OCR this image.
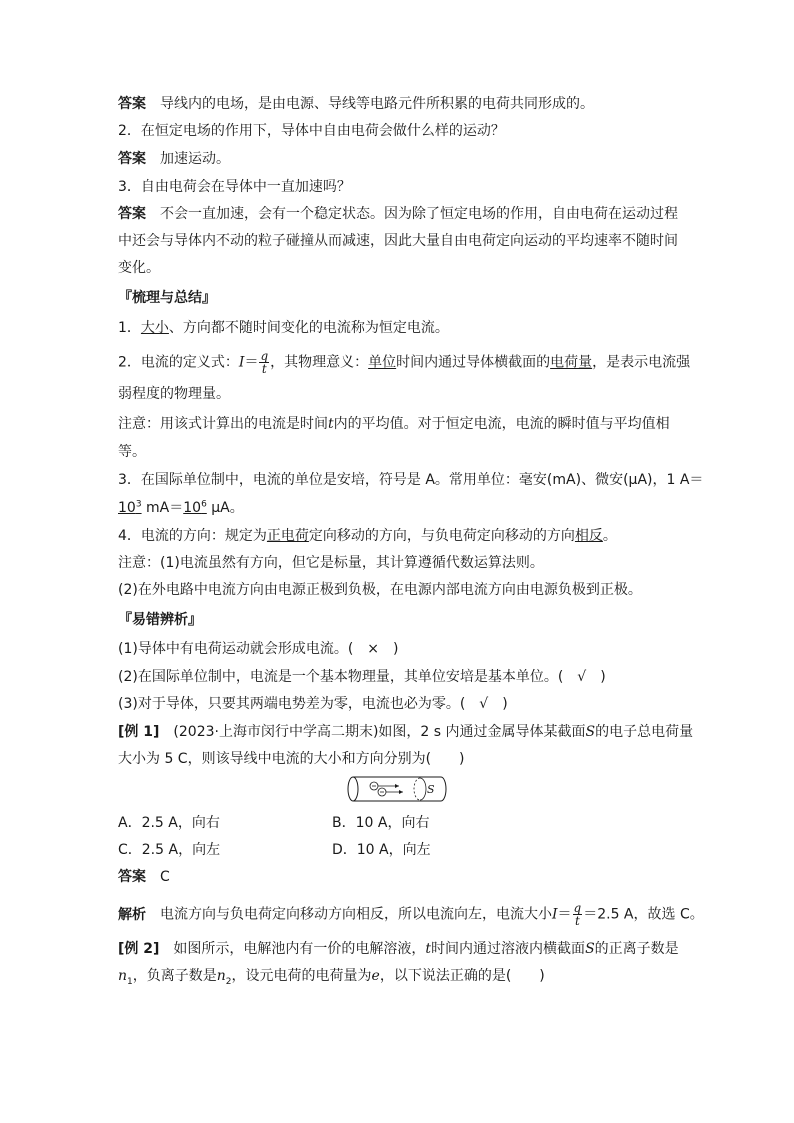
答案 导线内的电场，是由电源、导线等电路元件所积累的电荷共同形成的。
2．在恒定电场的作用下，导体中自由电荷会做什么样的运动？
答案 加速运动。
3．自由电荷会在导体中一直加速吗？
答案 不会一直加速，会有一个稳定状态。因为除了恒定电场的作用，自由电荷在运动过程
中还会与导体内不动的粒子碰撞从而减速，因此大量自由电荷定向运动的平均速率不随时间
变化。
『梳理与总结』
1．大小、方向都不随时间变化的电流称为恒定电流。
2．电流的定义式：$I= \frac{q}{t}$ ，其物理意义：单位时间内通过导体横截面的电荷量，是表示电流强
弱程度的物理量。
注意：用该式计算出的电流是时间t内的平均值。对于恒定电流，电流的瞬时值与平均值相
等。
3．在国际单位制中，电流的单位是安培，符号是 A。常用单位：毫安(mA)、微安(μA)，1 A＝
$10^3$ $mA=10^6$ μA。
4．电流的方向：规定为正电荷定向移动的方向，与负电荷定向移动的方向相反。
注意：(1)电流虽然有方向，但它是标量，其计算遵循代数运算法则。
(2)在外电路中电流方向由电源正极到负极，在电源内部电流方向由电源负极到正极。
『易错辨析』
(1)导体中有电荷运动就会形成电流。(　×　)
(2)在国际单位制中，电流是一个基本物理量，其单位安培是基本单位。(　√　)
(3)对于导体，只要其两端电势差为零，电流也必为零。(　√　)
[例 1] (2023·上海市闵行中学高二期末)如图，2 s 内通过金属导体某截面S的电子总电荷量
大小为 5 C，则该导线中电流的大小和方向分别为(　　)
S
A．2.5 A，向右	B．10 A，向右
C．2.5 A，向左	D．10 A，向左
答案 C
解析 电流方向与负电荷定向移动方向相反，所以电流向左，电流大小$I= \frac{q}{t} =2.5$ A，故选 C。
[例 2] 如图所示，电解池内有一价的电解溶液，t时间内通过溶液内横截面S的正离子数是
$n_1$，负离子数是$n_2$，设元电荷的电荷量为e，以下说法正确的是(　　)
